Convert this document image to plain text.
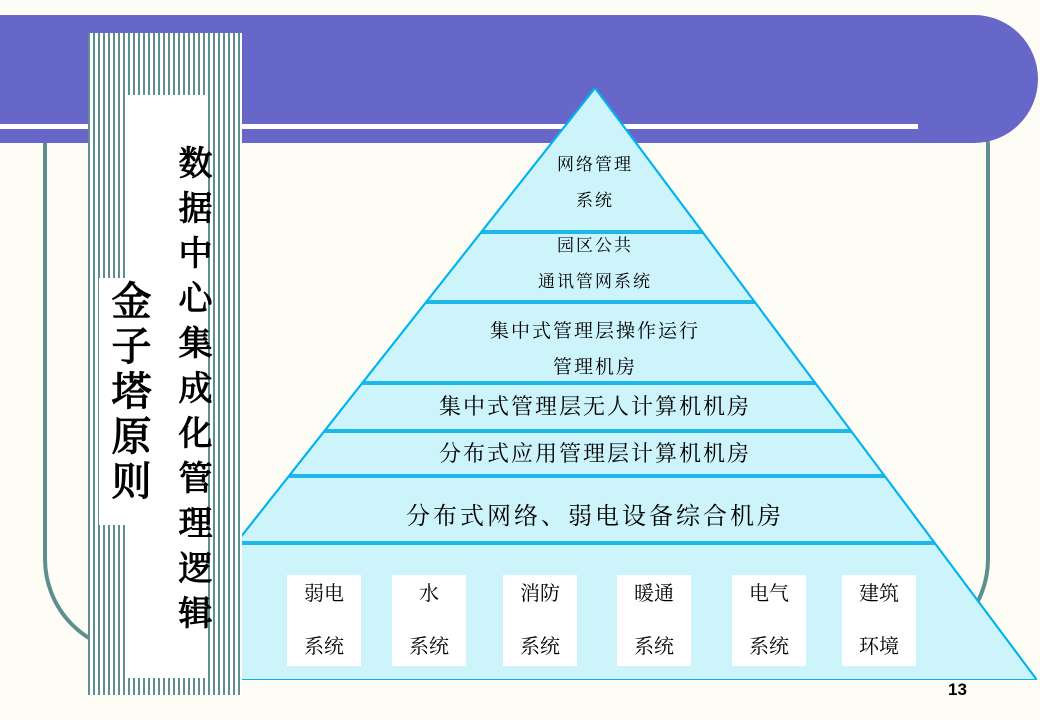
网络管理
系统
园区公共
通讯管网系统
集中式管理层操作运行
管理机房
集中式管理层无人计算机机房
分布式应用管理层计算机机房
分布式网络、弱电设备综合机房
弱电
系统
水
系统
消防
系统
暖通
系统
电气
系统
建筑
环境
金子塔原则 数据中心集成化管理逻辑
13
